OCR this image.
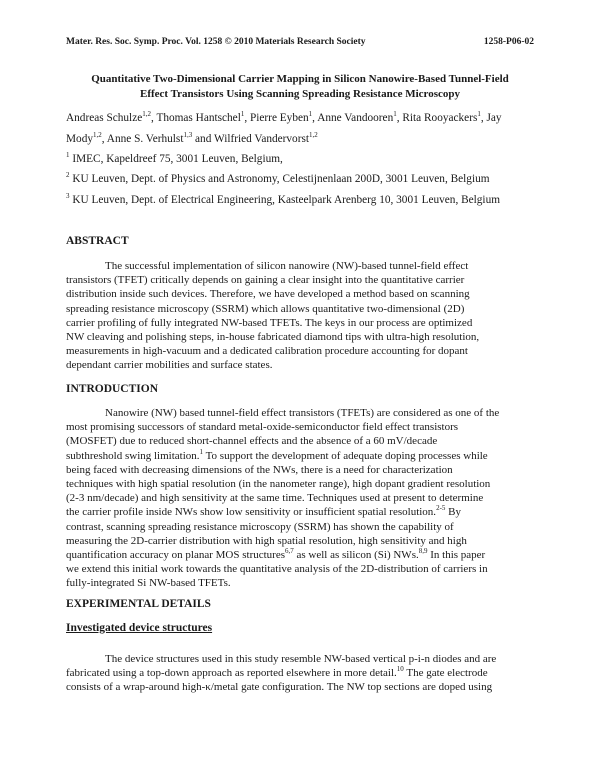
Mater. Res. Soc. Symp. Proc. Vol. 1258 © 2010 Materials Research Society	1258-P06-02
Quantitative Two-Dimensional Carrier Mapping in Silicon Nanowire-Based Tunnel-Field
Effect Transistors Using Scanning Spreading Resistance Microscopy
Andreas Schulze$^{1,2}$, Thomas Hantschel$^1$, Pierre Eyben$^1$, Anne Vandooren$^1$, Rita Rooyackers$^1$, Jay Mody$^{1,2}$, Anne S. Verhulst$^{1,3}$ and Wilfried Vandervorst$^{1,2}$
$^1$ IMEC, Kapeldreef 75, 3001 Leuven, Belgium,
$^2$ KU Leuven, Dept. of Physics and Astronomy, Celestijnenlaan 200D, 3001 Leuven, Belgium
$^3$ KU Leuven, Dept. of Electrical Engineering, Kasteelpark Arenberg 10, 3001 Leuven, Belgium
ABSTRACT
The successful implementation of silicon nanowire (NW)-based tunnel-field effect
transistors (TFET) critically depends on gaining a clear insight into the quantitative carrier
distribution inside such devices. Therefore, we have developed a method based on scanning
spreading resistance microscopy (SSRM) which allows quantitative two-dimensional (2D)
carrier profiling of fully integrated NW-based TFETs. The keys in our process are optimized
NW cleaving and polishing steps, in-house fabricated diamond tips with ultra-high resolution,
measurements in high-vacuum and a dedicated calibration procedure accounting for dopant
dependant carrier mobilities and surface states.
INTRODUCTION
Nanowire (NW) based tunnel-field effect transistors (TFETs) are considered as one of the
most promising successors of standard metal-oxide-semiconductor field effect transistors
(MOSFET) due to reduced short-channel effects and the absence of a 60 mV/decade
subthreshold swing limitation.$^1$ To support the development of adequate doping processes while
being faced with decreasing dimensions of the NWs, there is a need for characterization
techniques with high spatial resolution (in the nanometer range), high dopant gradient resolution
(2-3 nm/decade) and high sensitivity at the same time. Techniques used at present to determine
the carrier profile inside NWs show low sensitivity or insufficient spatial resolution.$^{2-5}$ By
contrast, scanning spreading resistance microscopy (SSRM) has shown the capability of
measuring the 2D-carrier distribution with high spatial resolution, high sensitivity and high
quantification accuracy on planar MOS structures$^{6,7}$ as well as silicon (Si) NWs.$^{8,9}$ In this paper
we extend this initial work towards the quantitative analysis of the 2D-distribution of carriers in
fully-integrated Si NW-based TFETs.
EXPERIMENTAL DETAILS
Investigated device structures
The device structures used in this study resemble NW-based vertical p-i-n diodes and are
fabricated using a top-down approach as reported elsewhere in more detail.$^{10}$ The gate electrode
consists of a wrap-around high-κ/metal gate configuration. The NW top sections are doped using
